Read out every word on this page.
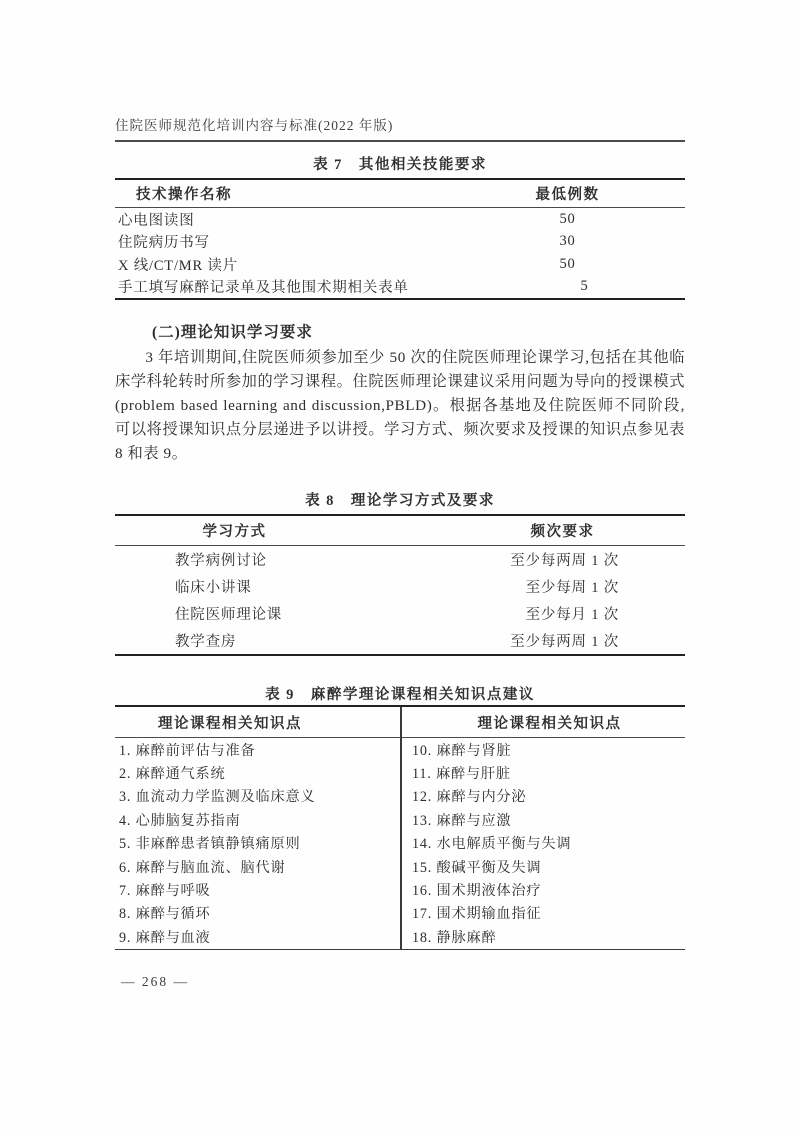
住院医师规范化培训内容与标准(2022 年版)
表 7　其他相关技能要求
技术操作名称	最低例数
心电图读图	50
住院病历书写	30
X 线/CT/MR 读片	50
手工填写麻醉记录单及其他围术期相关表单	5
(二)理论知识学习要求
3 年培训期间,住院医师须参加至少 50 次的住院医师理论课学习,包括在其他临床学科轮转时所参加的学习课程。住院医师理论课建议采用问题为导向的授课模式(problem based learning and discussion,PBLD)。根据各基地及住院医师不同阶段,可以将授课知识点分层递进予以讲授。学习方式、频次要求及授课的知识点参见表 8 和表 9。
表 8　理论学习方式及要求
学习方式	频次要求
教学病例讨论	至少每两周 1 次
临床小讲课	至少每周 1 次
住院医师理论课	至少每月 1 次
教学查房	至少每两周 1 次
表 9　麻醉学理论课程相关知识点建议
理论课程相关知识点	理论课程相关知识点
1. 麻醉前评估与准备	10. 麻醉与肾脏
2. 麻醉通气系统	11. 麻醉与肝脏
3. 血流动力学监测及临床意义	12. 麻醉与内分泌
4. 心肺脑复苏指南	13. 麻醉与应激
5. 非麻醉患者镇静镇痛原则	14. 水电解质平衡与失调
6. 麻醉与脑血流、脑代谢	15. 酸碱平衡及失调
7. 麻醉与呼吸	16. 围术期液体治疗
8. 麻醉与循环	17. 围术期输血指征
9. 麻醉与血液	18. 静脉麻醉
— 268 —
